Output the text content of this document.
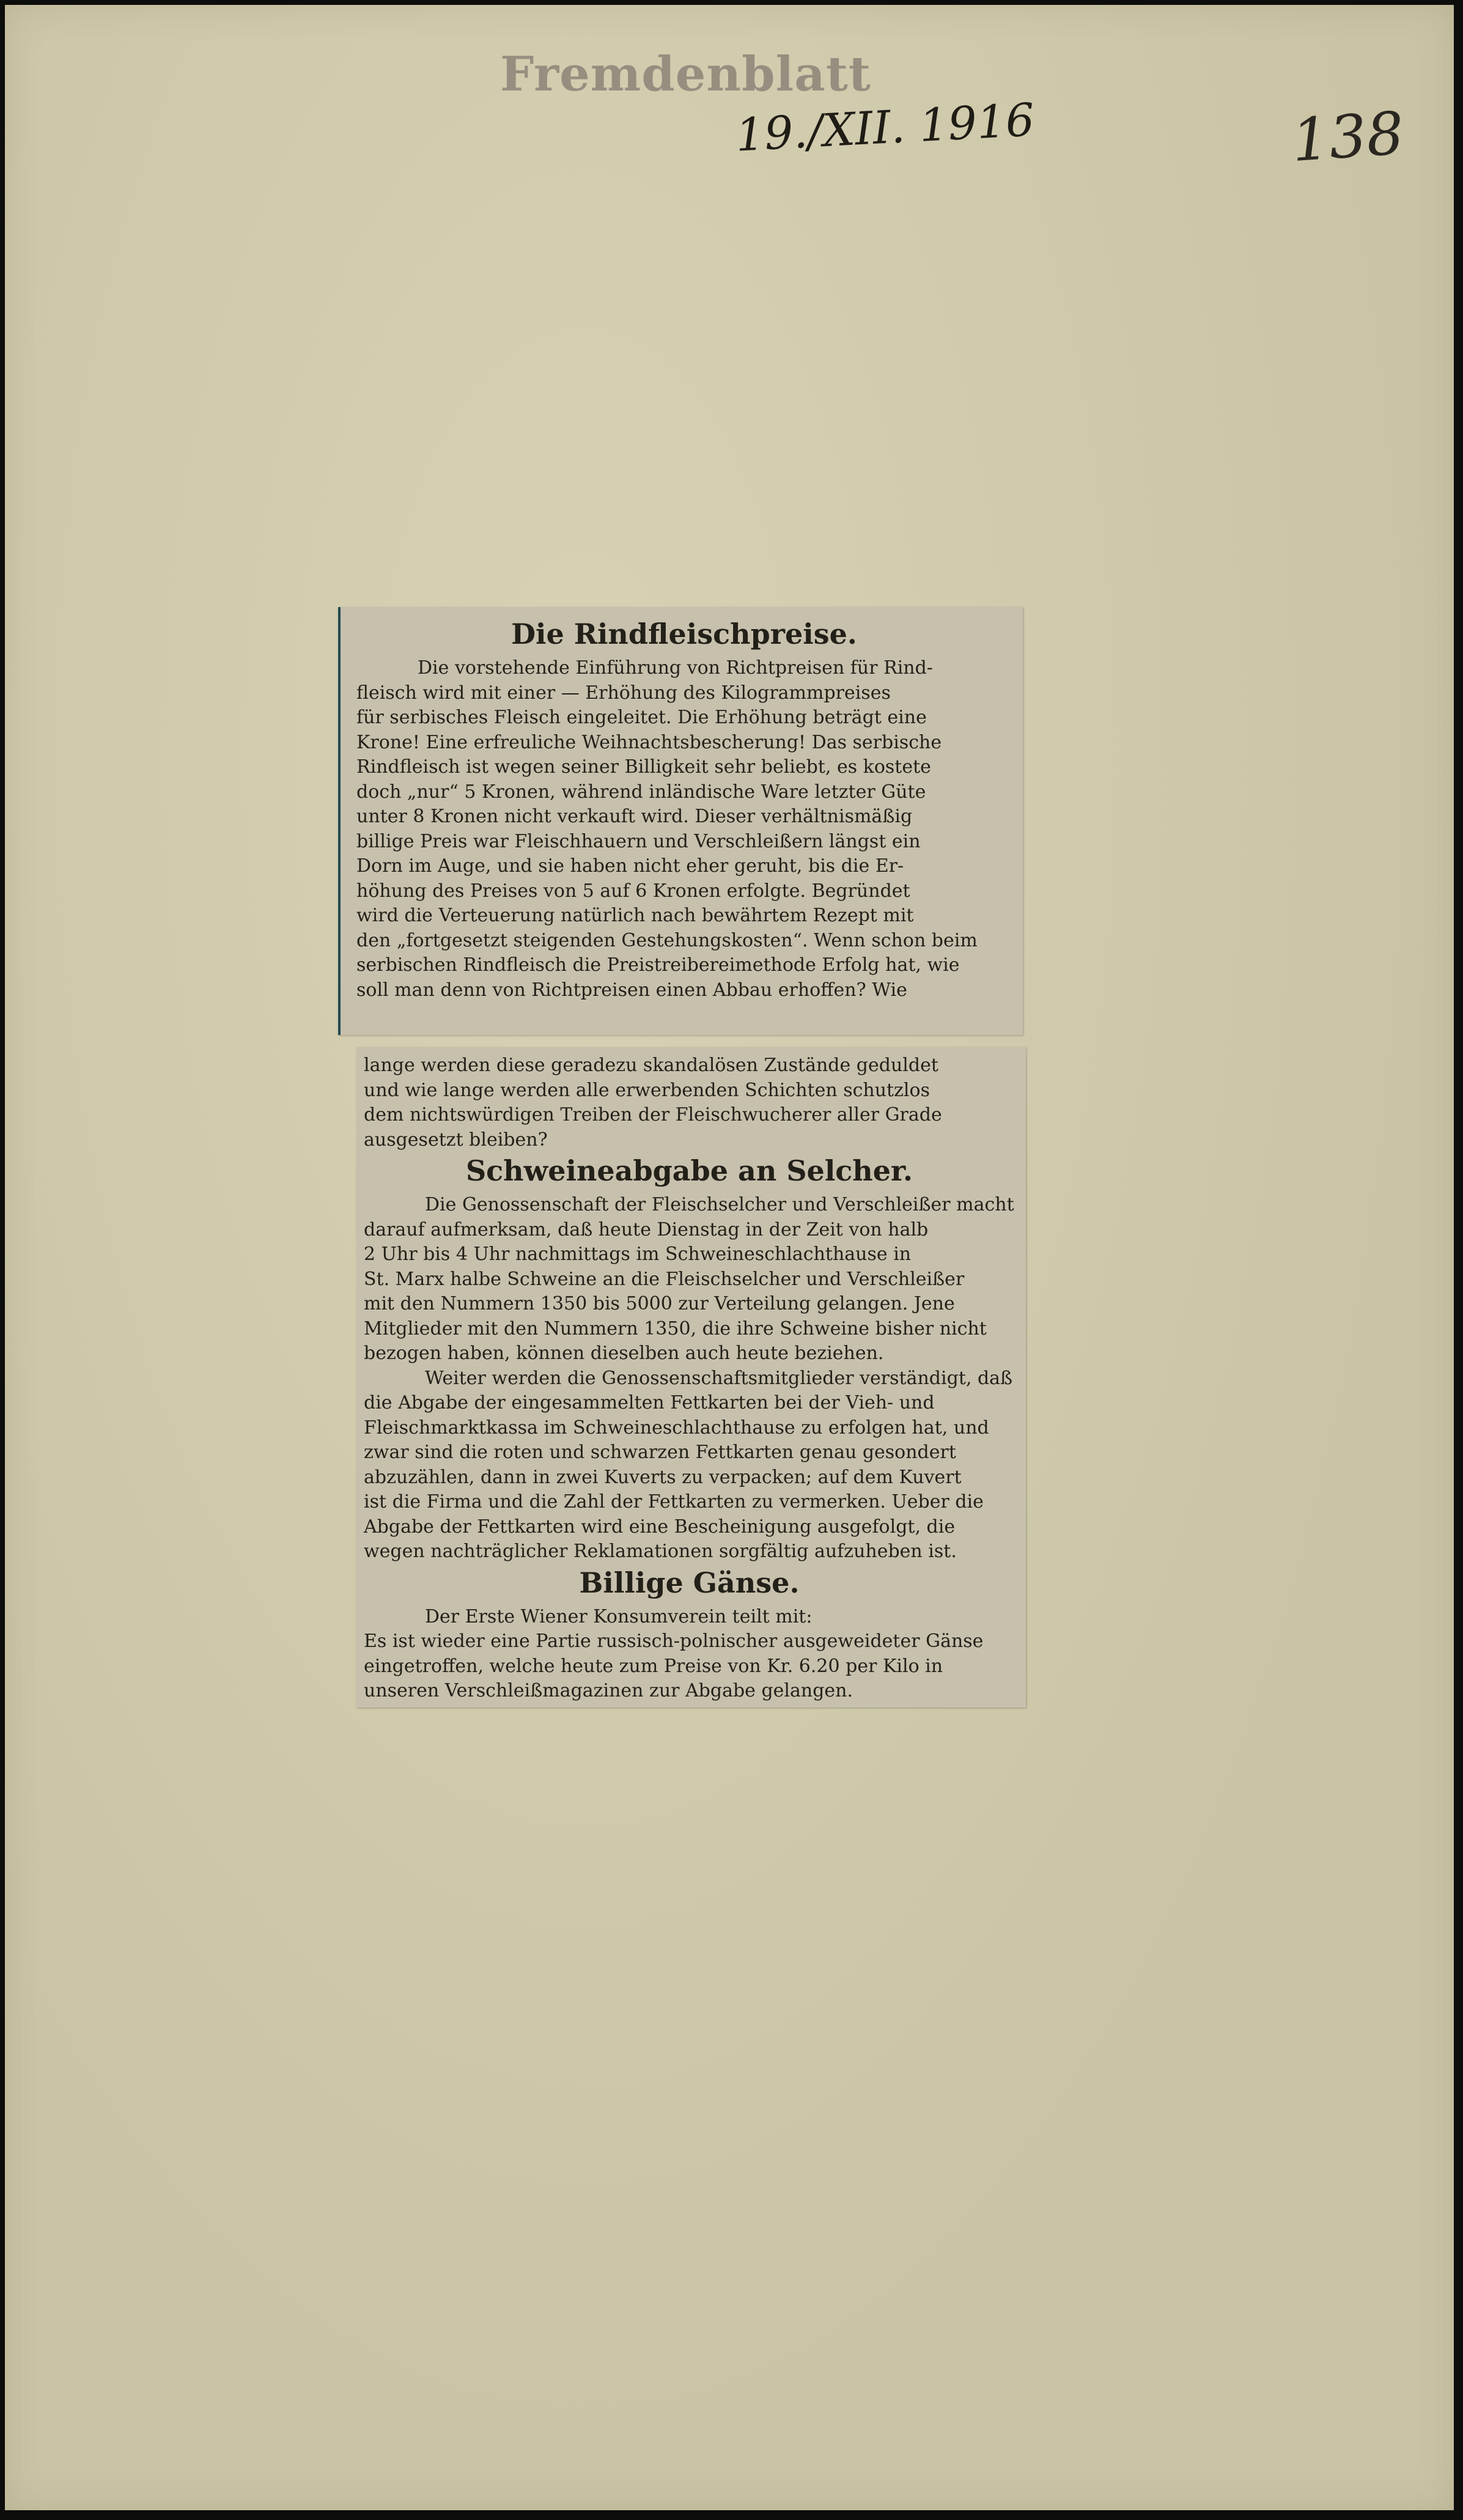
Fremdenblatt
19./XII. 1916	138
Die Rindfleischpreise.

Die vorstehende Einführung von Richtpreisen für Rind-

fleisch wird mit einer — Erhöhung des Kilogrammpreises

für serbisches Fleisch eingeleitet. Die Erhöhung beträgt eine

Krone! Eine erfreuliche Weihnachtsbescherung! Das serbische

Rindfleisch ist wegen seiner Billigkeit sehr beliebt, es kostete

doch „nur“ 5 Kronen, während inländische Ware letzter Güte

unter 8 Kronen nicht verkauft wird. Dieser verhältnismäßig

billige Preis war Fleischhauern und Verschleißern längst ein

Dorn im Auge, und sie haben nicht eher geruht, bis die Er-

höhung des Preises von 5 auf 6 Kronen erfolgte. Begründet

wird die Verteuerung natürlich nach bewährtem Rezept mit

den „fortgesetzt steigenden Gestehungskosten“. Wenn schon beim

serbischen Rindfleisch die Preistreibereimethode Erfolg hat, wie

soll man denn von Richtpreisen einen Abbau erhoffen? Wie

lange werden diese geradezu skandalösen Zustände geduldet

und wie lange werden alle erwerbenden Schichten schutzlos

dem nichtswürdigen Treiben der Fleischwucherer aller Grade

ausgesetzt bleiben?

Schweineabgabe an Selcher.

Die Genossenschaft der Fleischselcher und Verschleißer macht

darauf aufmerksam, daß heute Dienstag in der Zeit von halb

2 Uhr bis 4 Uhr nachmittags im Schweineschlachthause in

St. Marx halbe Schweine an die Fleischselcher und Verschleißer

mit den Nummern 1350 bis 5000 zur Verteilung gelangen. Jene

Mitglieder mit den Nummern 1350, die ihre Schweine bisher nicht

bezogen haben, können dieselben auch heute beziehen.

Weiter werden die Genossenschaftsmitglieder verständigt, daß

die Abgabe der eingesammelten Fettkarten bei der Vieh- und

Fleischmarktkassa im Schweineschlachthause zu erfolgen hat, und

zwar sind die roten und schwarzen Fettkarten genau gesondert

abzuzählen, dann in zwei Kuverts zu verpacken; auf dem Kuvert

ist die Firma und die Zahl der Fettkarten zu vermerken. Ueber die

Abgabe der Fettkarten wird eine Bescheinigung ausgefolgt, die

wegen nachträglicher Reklamationen sorgfältig aufzuheben ist.

Billige Gänse.

Der Erste Wiener Konsumverein teilt mit:

Es ist wieder eine Partie russisch-polnischer ausgeweideter Gänse

eingetroffen, welche heute zum Preise von Kr. 6.20 per Kilo in

unseren Verschleißmagazinen zur Abgabe gelangen.
